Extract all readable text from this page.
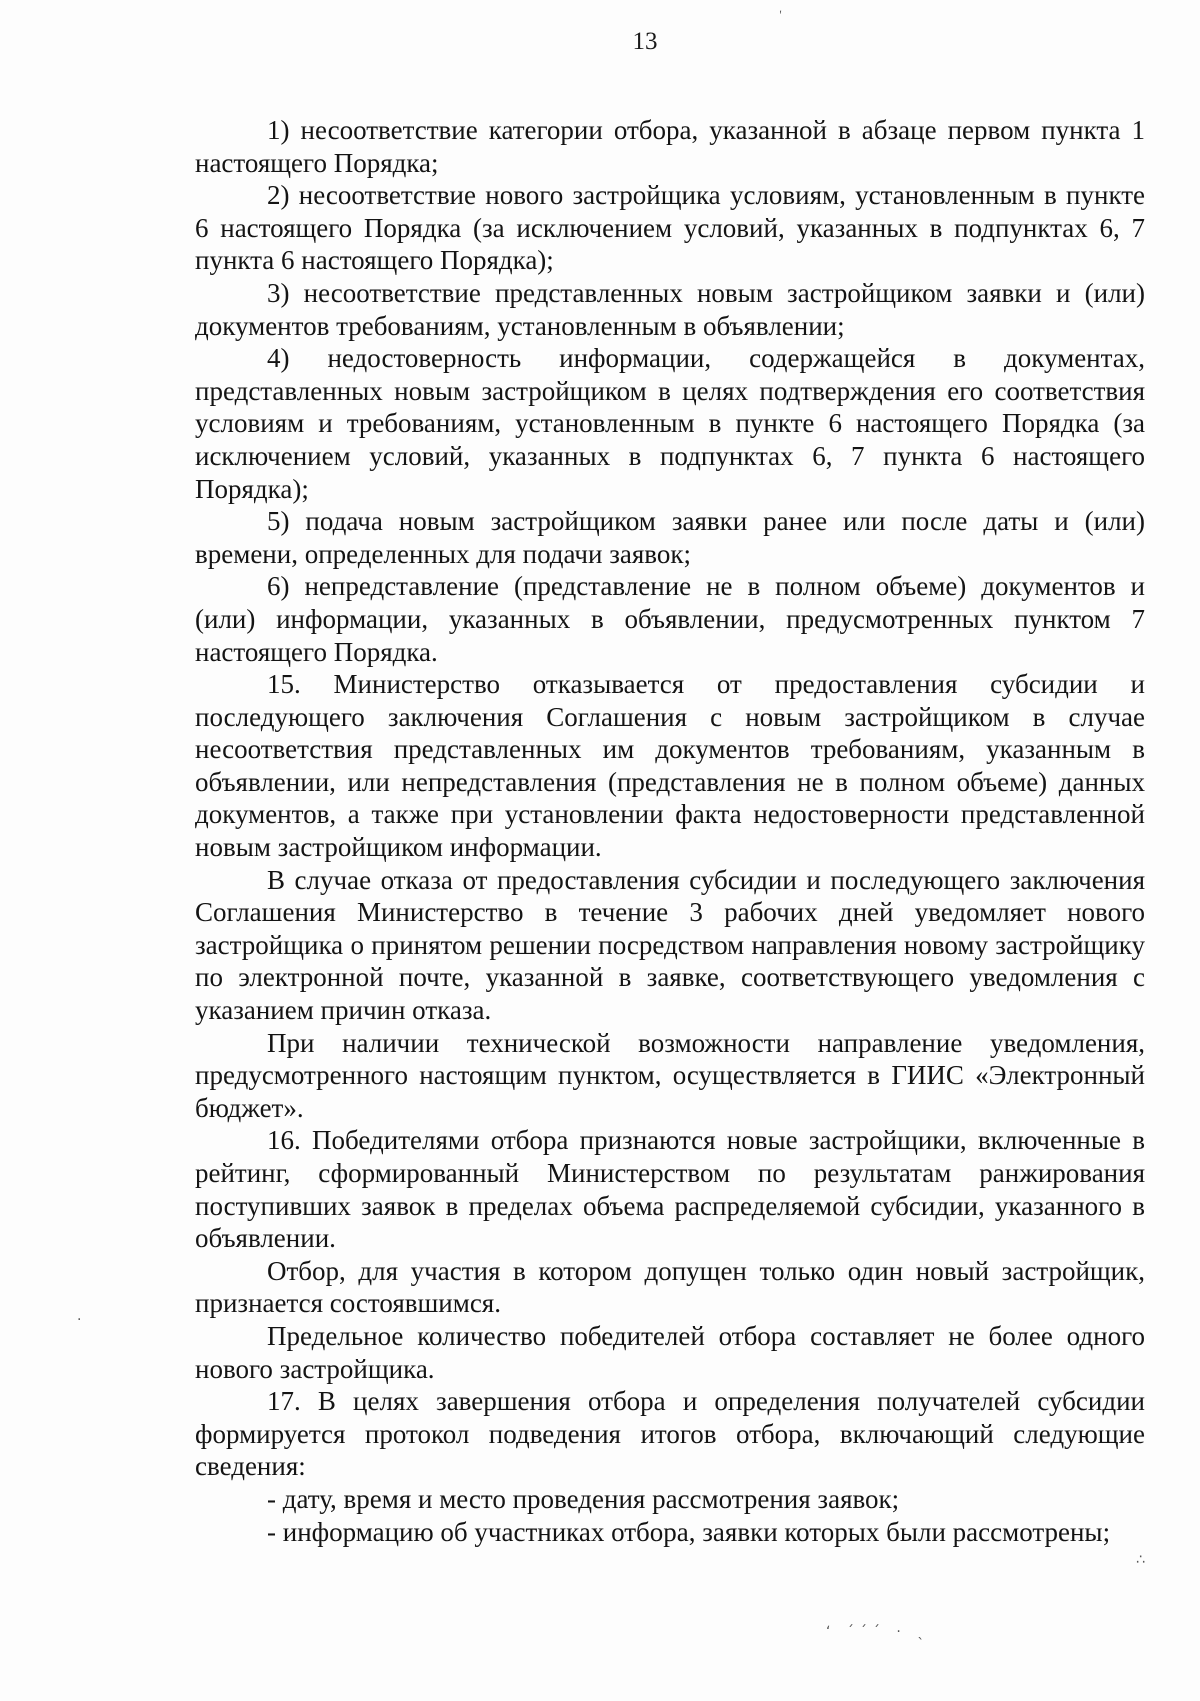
13

1) несоответствие категории отбора, указанной в абзаце первом пункта 1 настоящего Порядка;

2) несоответствие нового застройщика условиям, установленным в пункте 6 настоящего Порядка (за исключением условий, указанных в подпунктах 6, 7 пункта 6 настоящего Порядка);

3) несоответствие представленных новым застройщиком заявки и (или) документов требованиям, установленным в объявлении;

4) недостоверность информации, содержащейся в документах, представленных новым застройщиком в целях подтверждения его соответствия условиям и требованиям, установленным в пункте 6 настоящего Порядка (за исключением условий, указанных в подпунктах 6, 7 пункта 6 настоящего Порядка);

5) подача новым застройщиком заявки ранее или после даты и (или) времени, определенных для подачи заявок;

6) непредставление (представление не в полном объеме) документов и (или) информации, указанных в объявлении, предусмотренных пунктом 7 настоящего Порядка.

15. Министерство отказывается от предоставления субсидии и последующего заключения Соглашения с новым застройщиком в случае несоответствия представленных им документов требованиям, указанным в объявлении, или непредставления (представления не в полном объеме) данных документов, а также при установлении факта недостоверности представленной новым застройщиком информации.

В случае отказа от предоставления субсидии и последующего заключения Соглашения Министерство в течение 3 рабочих дней уведомляет нового застройщика о принятом решении посредством направления новому застройщику по электронной почте, указанной в заявке, соответствующего уведомления с указанием причин отказа.

При наличии технической возможности направление уведомления, предусмотренного настоящим пунктом, осуществляется в ГИИС «Электронный бюджет».

16. Победителями отбора признаются новые застройщики, включенные в рейтинг, сформированный Министерством по результатам ранжирования поступивших заявок в пределах объема распределяемой субсидии, указанного в объявлении.

Отбор, для участия в котором допущен только один новый застройщик, признается состоявшимся.

Предельное количество победителей отбора составляет не более одного нового застройщика.

17. В целях завершения отбора и определения получателей субсидии формируется протокол подведения итогов отбора, включающий следующие сведения:

- дату, время и место проведения рассмотрения заявок;

- информацию об участниках отбора, заявки которых были рассмотрены;

′
·
∴
ʻ ´´´ · ˎ
